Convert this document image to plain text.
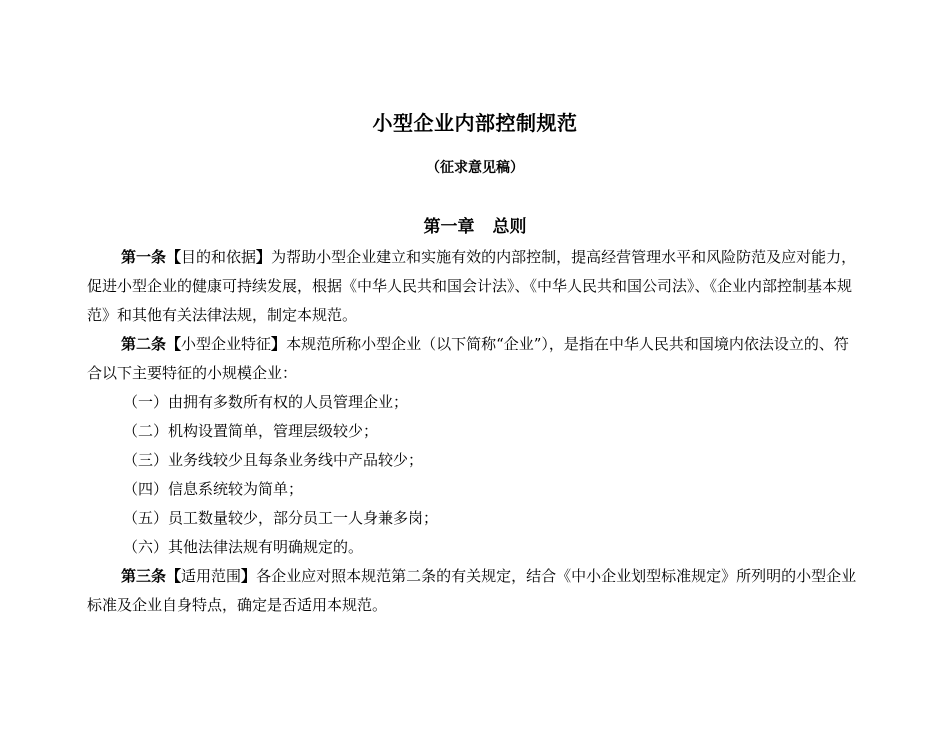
小型企业内部控制规范
（征求意见稿）
第一章 总则

第一条【目的和依据】为帮助小型企业建立和实施有效的内部控制，提高经营管理水平和风险防范及应对能力，促进小型企业的健康可持续发展，根据《中华人民共和国会计法》、《中华人民共和国公司法》、《企业内部控制基本规范》和其他有关法律法规，制定本规范。

第二条【小型企业特征】本规范所称小型企业（以下简称“企业”），是指在中华人民共和国境内依法设立的、符合以下主要特征的小规模企业：

（一）由拥有多数所有权的人员管理企业；

（二）机构设置简单，管理层级较少；

（三）业务线较少且每条业务线中产品较少；

（四）信息系统较为简单；

（五）员工数量较少，部分员工一人身兼多岗；

（六）其他法律法规有明确规定的。

第三条【适用范围】各企业应对照本规范第二条的有关规定，结合《中小企业划型标准规定》所列明的小型企业标准及企业自身特点，确定是否适用本规范。
